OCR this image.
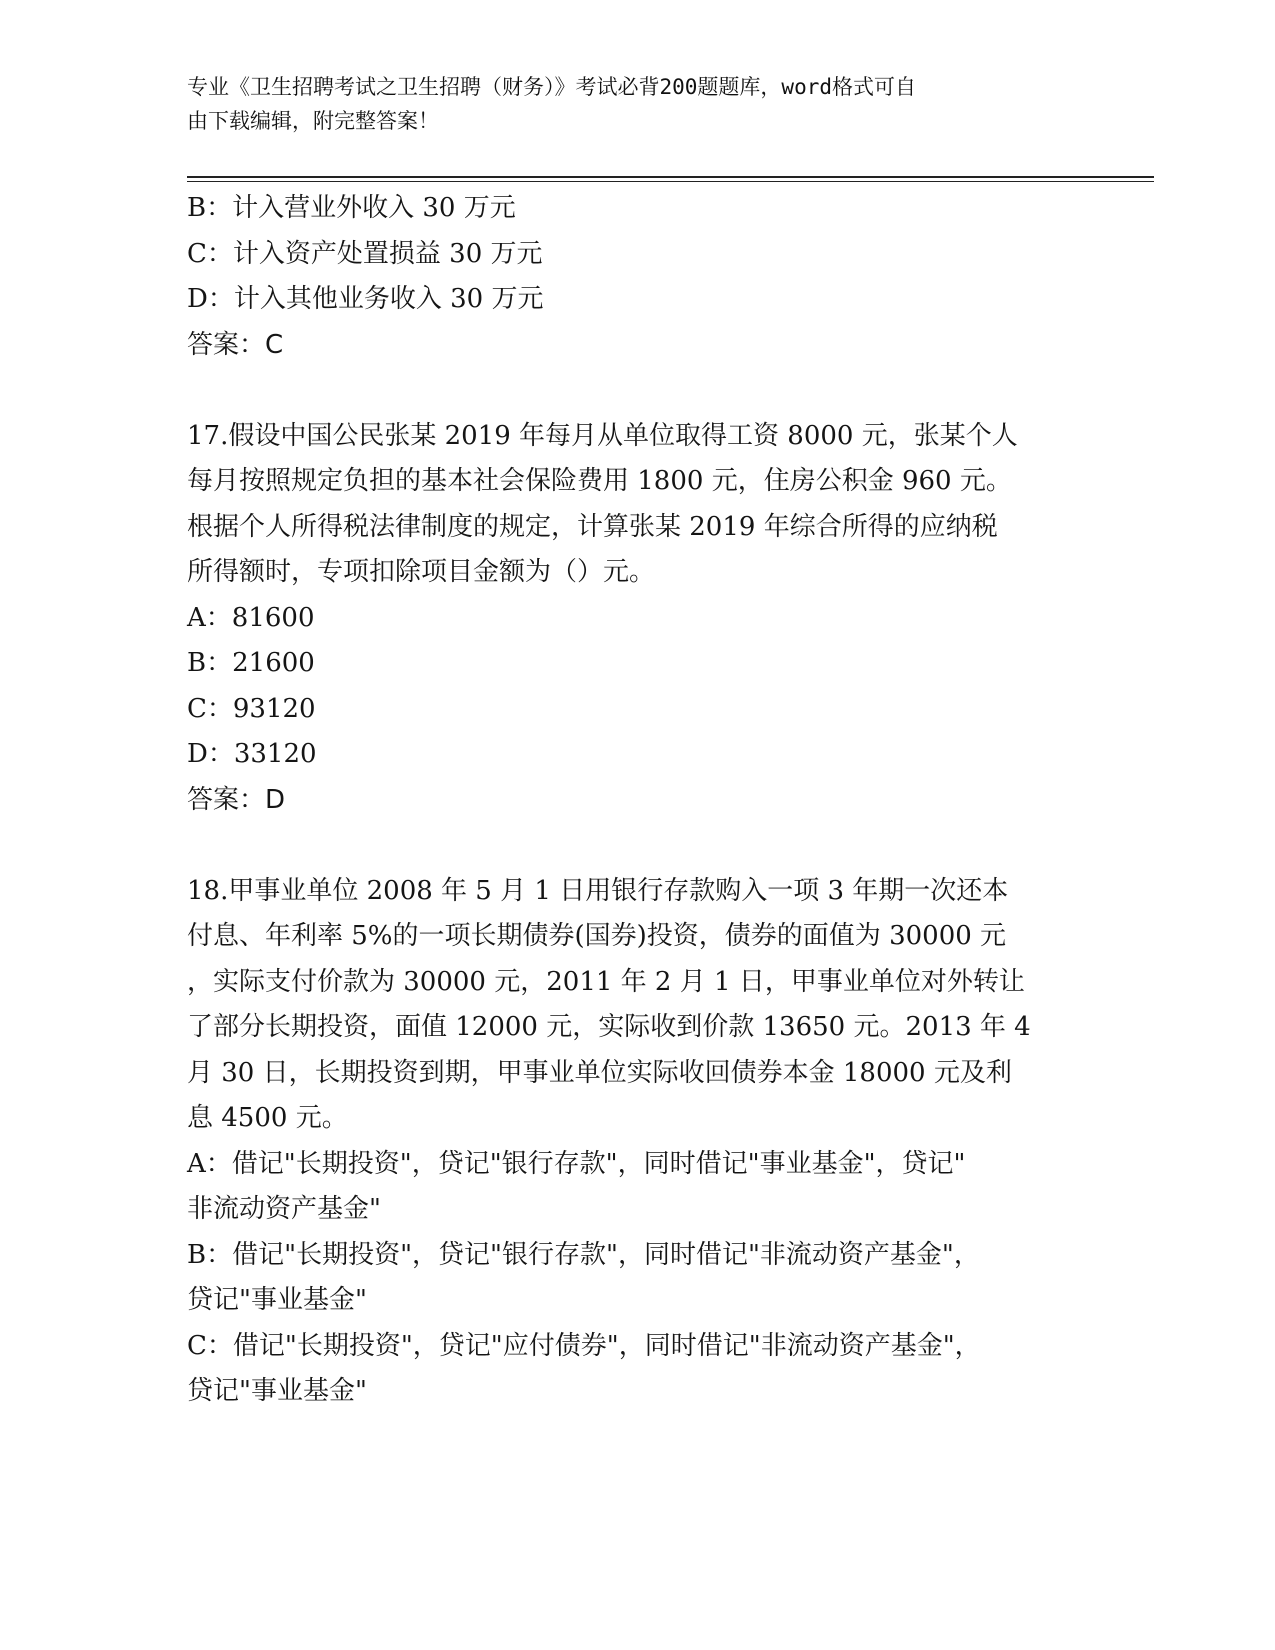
专业《卫生招聘考试之卫生招聘（财务）》考试必背200题题库，word格式可自
由下载编辑，附完整答案！
B：计入营业外收入 30 万元
C：计入资产处置损益 30 万元
D：计入其他业务收入 30 万元
答案：C
17.假设中国公民张某 2019 年每月从单位取得工资 8000 元，张某个人
每月按照规定负担的基本社会保险费用 1800 元，住房公积金 960 元。
根据个人所得税法律制度的规定，计算张某 2019 年综合所得的应纳税
所得额时，专项扣除项目金额为（）元。
A：81600
B：21600
C：93120
D：33120
答案：D
18.甲事业单位 2008 年 5 月 1 日用银行存款购入一项 3 年期一次还本
付息、年利率 5%的一项长期债券(国券)投资，债券的面值为 30000 元
，实际支付价款为 30000 元，2011 年 2 月 1 日，甲事业单位对外转让
了部分长期投资，面值 12000 元，实际收到价款 13650 元。2013 年 4
月 30 日，长期投资到期，甲事业单位实际收回债券本金 18000 元及利
息 4500 元。
A：借记"长期投资"，贷记"银行存款"，同时借记"事业基金"，贷记"
非流动资产基金"
B：借记"长期投资"，贷记"银行存款"，同时借记"非流动资产基金"，
贷记"事业基金"
C：借记"长期投资"，贷记"应付债券"，同时借记"非流动资产基金"，
贷记"事业基金"
